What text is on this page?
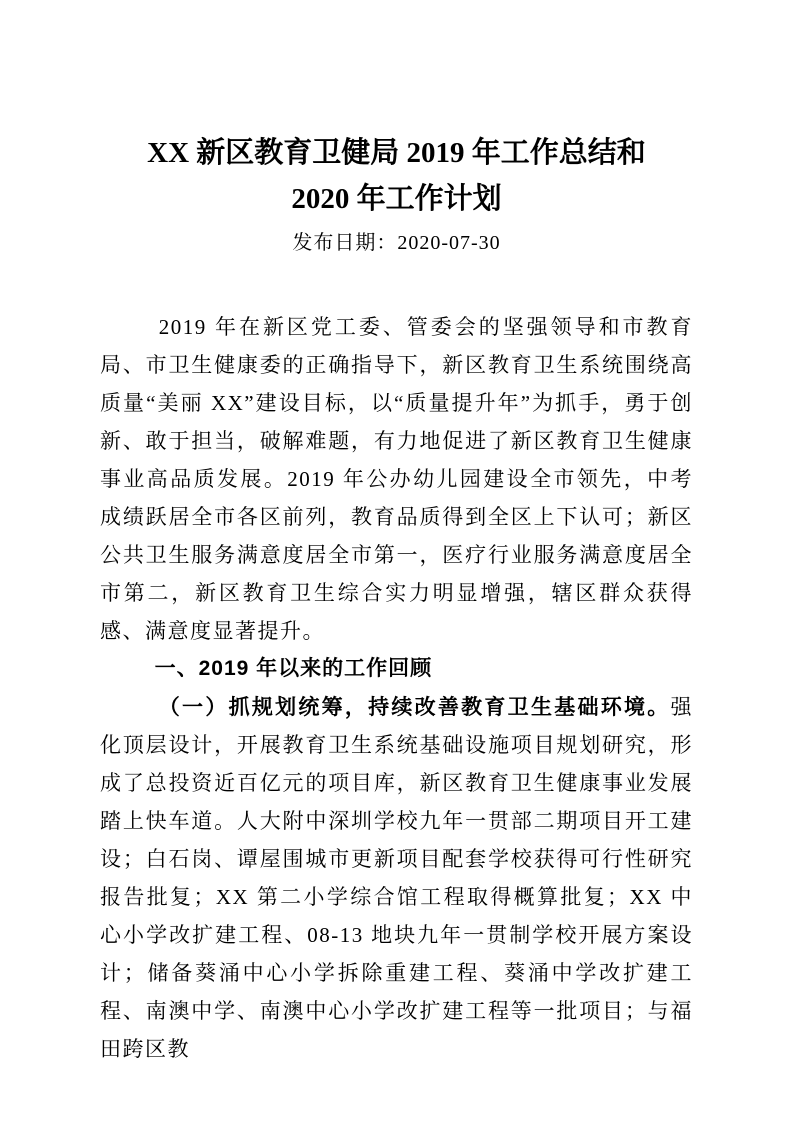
XX 新区教育卫健局 2019 年工作总结和
2020 年工作计划
发布日期：2020-07-30

2019 年在新区党工委、管委会的坚强领导和市教育局、市卫生健康委的正确指导下，新区教育卫生系统围绕高质量“美丽 XX”建设目标，以“质量提升年”为抓手，勇于创新、敢于担当，破解难题，有力地促进了新区教育卫生健康事业高品质发展。2019 年公办幼儿园建设全市领先，中考成绩跃居全市各区前列，教育品质得到全区上下认可；新区公共卫生服务满意度居全市第一，医疗行业服务满意度居全市第二，新区教育卫生综合实力明显增强，辖区群众获得感、满意度显著提升。

一、2019 年以来的工作回顾

（一）抓规划统筹，持续改善教育卫生基础环境。强化顶层设计，开展教育卫生系统基础设施项目规划研究，形成了总投资近百亿元的项目库，新区教育卫生健康事业发展踏上快车道。人大附中深圳学校九年一贯部二期项目开工建设；白石岗、谭屋围城市更新项目配套学校获得可行性研究报告批复；XX 第二小学综合馆工程取得概算批复；XX 中心小学改扩建工程、08-13 地块九年一贯制学校开展方案设计；储备葵涌中心小学拆除重建工程、葵涌中学改扩建工程、南澳中学、南澳中心小学改扩建工程等一批项目；与福田跨区教
